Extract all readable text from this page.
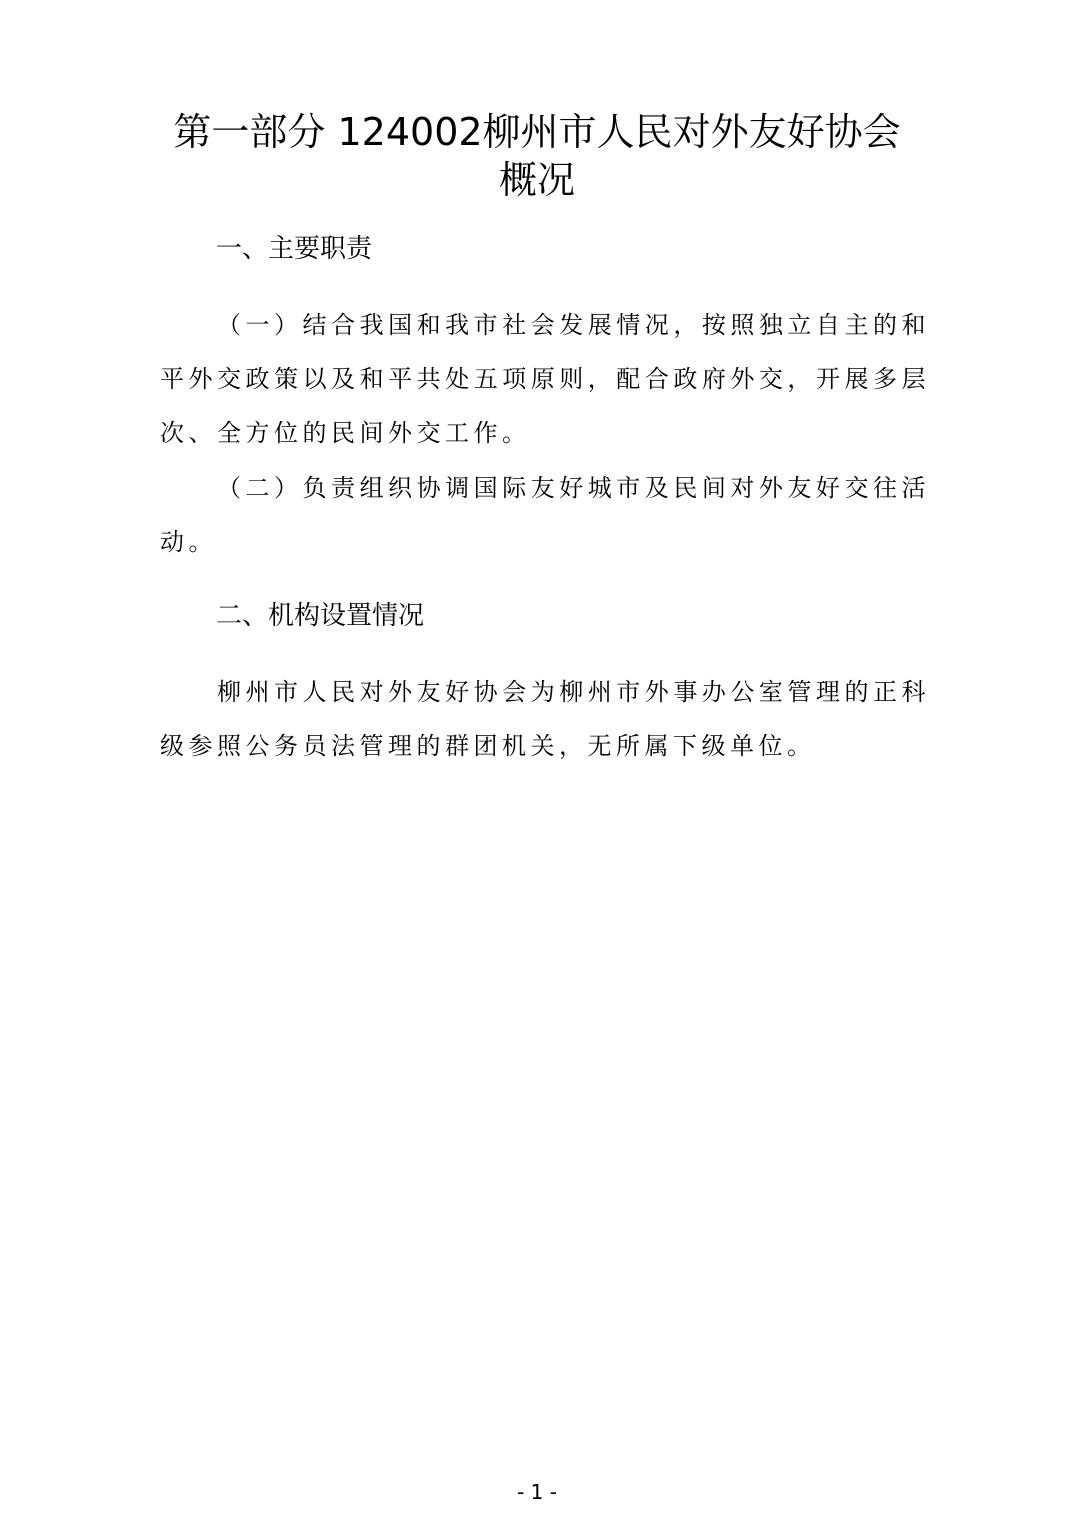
第一部分 124002柳州市人民对外友好协会
概况
一、主要职责

（一）结合我国和我市社会发展情况，按照独立自主的和平外交政策以及和平共处五项原则，配合政府外交，开展多层次、全方位的民间外交工作。

（二）负责组织协调国际友好城市及民间对外友好交往活动。

二、机构设置情况

柳州市人民对外友好协会为柳州市外事办公室管理的正科级参照公务员法管理的群团机关，无所属下级单位。

- 1 -
